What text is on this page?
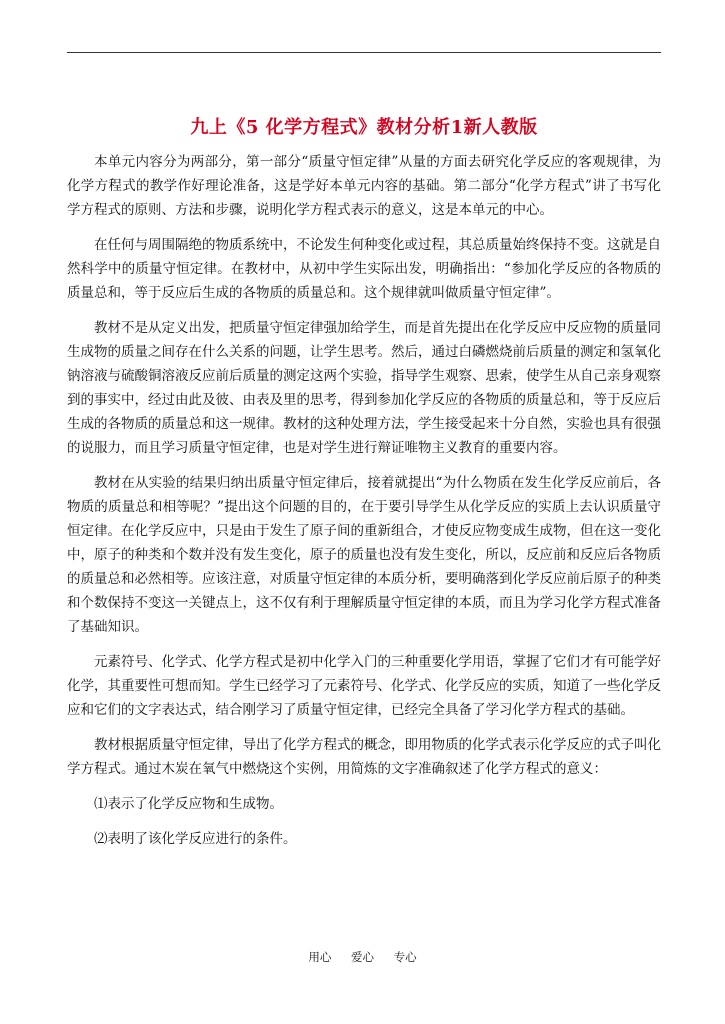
九上《5 化学方程式》教材分析1新人教版

本单元内容分为两部分，第一部分“质量守恒定律”从量的方面去研究化学反应的客观规律，为化学方程式的教学作好理论准备，这是学好本单元内容的基础。第二部分“化学方程式”讲了书写化学方程式的原则、方法和步骤，说明化学方程式表示的意义，这是本单元的中心。

在任何与周围隔绝的物质系统中，不论发生何种变化或过程，其总质量始终保持不变。这就是自然科学中的质量守恒定律。在教材中，从初中学生实际出发，明确指出：“参加化学反应的各物质的质量总和，等于反应后生成的各物质的质量总和。这个规律就叫做质量守恒定律”。

教材不是从定义出发，把质量守恒定律强加给学生，而是首先提出在化学反应中反应物的质量同生成物的质量之间存在什么关系的问题，让学生思考。然后，通过白磷燃烧前后质量的测定和氢氧化钠溶液与硫酸铜溶液反应前后质量的测定这两个实验，指导学生观察、思索，使学生从自己亲身观察到的事实中，经过由此及彼、由表及里的思考，得到参加化学反应的各物质的质量总和，等于反应后生成的各物质的质量总和这一规律。教材的这种处理方法，学生接受起来十分自然，实验也具有很强的说服力，而且学习质量守恒定律，也是对学生进行辩证唯物主义教育的重要内容。

教材在从实验的结果归纳出质量守恒定律后，接着就提出“为什么物质在发生化学反应前后，各物质的质量总和相等呢？”提出这个问题的目的，在于要引导学生从化学反应的实质上去认识质量守恒定律。在化学反应中，只是由于发生了原子间的重新组合，才使反应物变成生成物，但在这一变化中，原子的种类和个数并没有发生变化，原子的质量也没有发生变化，所以，反应前和反应后各物质的质量总和必然相等。应该注意，对质量守恒定律的本质分析，要明确落到化学反应前后原子的种类和个数保持不变这一关键点上，这不仅有利于理解质量守恒定律的本质，而且为学习化学方程式准备了基础知识。

元素符号、化学式、化学方程式是初中化学入门的三种重要化学用语，掌握了它们才有可能学好化学，其重要性可想而知。学生已经学习了元素符号、化学式、化学反应的实质，知道了一些化学反应和它们的文字表达式，结合刚学习了质量守恒定律，已经完全具备了学习化学方程式的基础。

教材根据质量守恒定律，导出了化学方程式的概念，即用物质的化学式表示化学反应的式子叫化学方程式。通过木炭在氧气中燃烧这个实例，用简炼的文字准确叙述了化学方程式的意义：

⑴表示了化学反应物和生成物。

⑵表明了该化学反应进行的条件。

用心 爱心 专心
